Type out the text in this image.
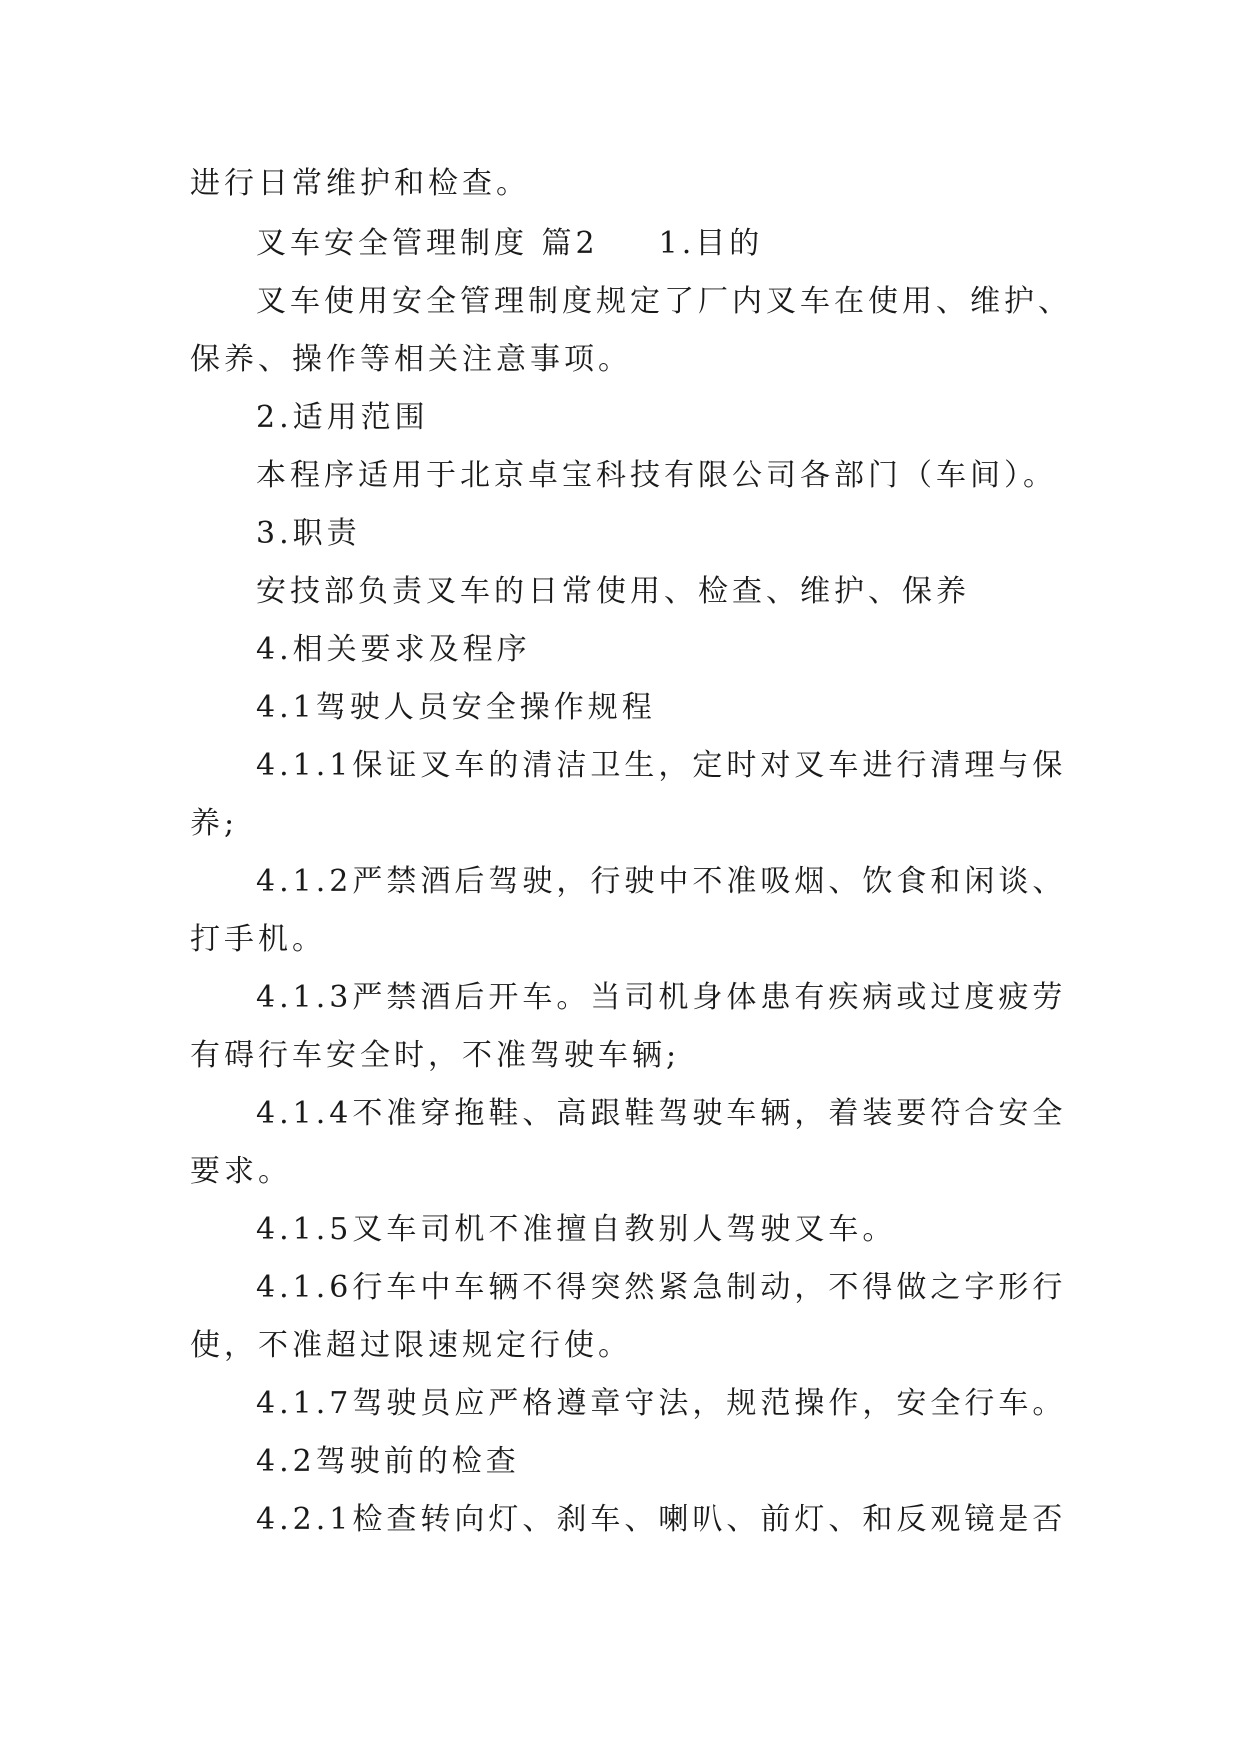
进行日常维护和检查。
叉车安全管理制度 篇2 1.目的
叉车使用安全管理制度规定了厂内叉车在使用、维护、
保养、操作等相关注意事项。
2.适用范围
本程序适用于北京卓宝科技有限公司各部门（车间）。
3.职责
安技部负责叉车的日常使用、检查、维护、保养
4.相关要求及程序
4.1驾驶人员安全操作规程
4.1.1保证叉车的清洁卫生，定时对叉车进行清理与保
养;
4.1.2严禁酒后驾驶，行驶中不准吸烟、饮食和闲谈、
打手机。
4.1.3严禁酒后开车。当司机身体患有疾病或过度疲劳
有碍行车安全时，不准驾驶车辆;
4.1.4不准穿拖鞋、高跟鞋驾驶车辆，着装要符合安全
要求。
4.1.5叉车司机不准擅自教别人驾驶叉车。
4.1.6行车中车辆不得突然紧急制动，不得做之字形行
使，不准超过限速规定行使。
4.1.7驾驶员应严格遵章守法，规范操作，安全行车。
4.2驾驶前的检查
4.2.1检查转向灯、刹车、喇叭、前灯、和反观镜是否
